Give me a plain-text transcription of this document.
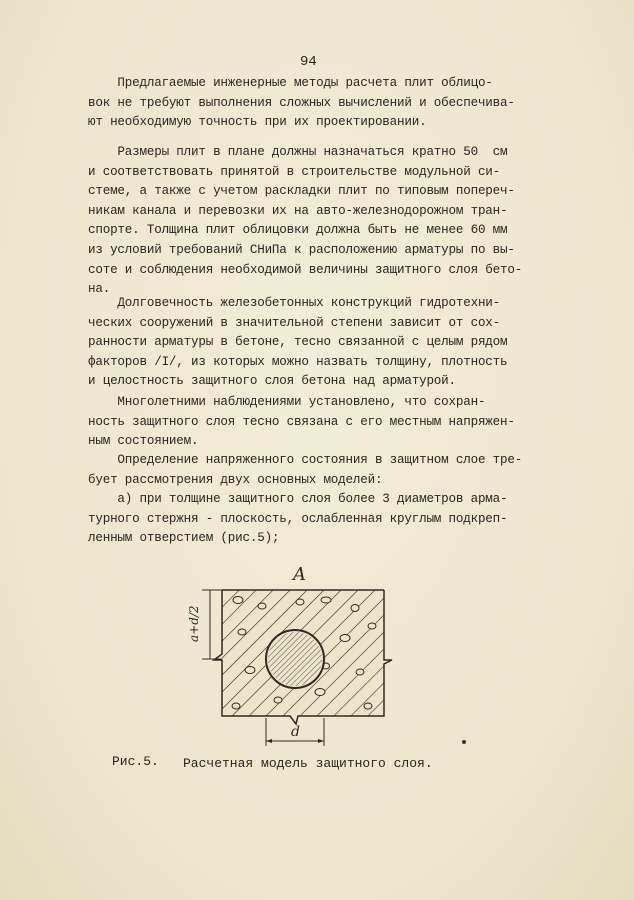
94

Предлагаемые инженерные методы расчета плит облицо-
вок не требуют выполнения сложных вычислений и обеспечива-
ют необходимую точность при их проектировании.

Размеры плит в плане должны назначаться кратно 50  см
и соответствовать принятой в строительстве модульной си-
стеме, а также с учетом раскладки плит по типовым попереч-
никам канала и перевозки их на авто-железнодорожном тран-
спорте. Толщина плит облицовки должна быть не менее 60 мм
из условий требований СНиПа к расположению арматуры по вы-
соте и соблюдения необходимой величины защитного слоя бето-
на.

Долговечность железобетонных конструкций гидротехни-
ческих сооружений в значительной степени зависит от сох-
ранности арматуры в бетоне, тесно связанной с целым рядом
факторов /I/, из которых можно назвать толщину, плотность
и целостность защитного слоя бетона над арматурой.

Многолетними наблюдениями установлено, что сохран-
ность защитного слоя тесно связана с его местным напряжен-
ным состоянием.

Определение напряженного состояния в защитном слое тре-
бует рассмотрения двух основных моделей:
а) при толщине защитного слоя более 3 диаметров арма-
турного стержня - плоскость, ослабленная круглым подкреп-
ленным отверстием (рис.5);

A
a+d/2
d
Рис.5. Расчетная модель защитного слоя.
